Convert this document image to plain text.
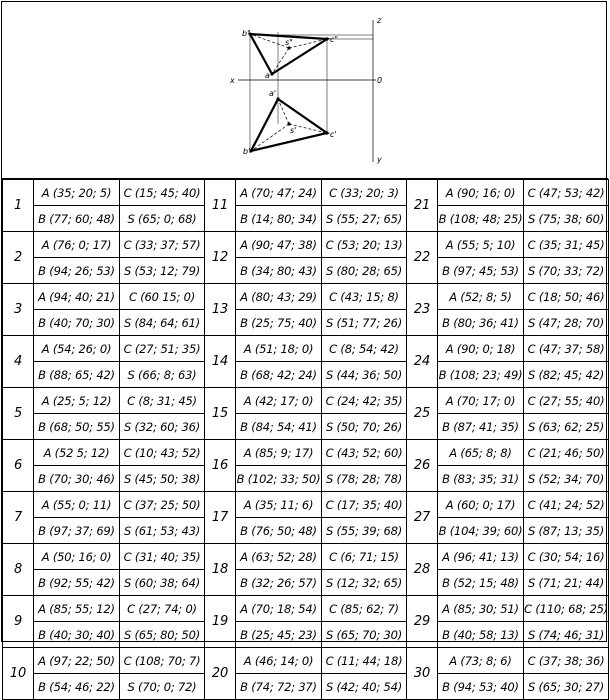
b"
c"
s"
a"
x	0
z
y
a'
s'
b'
c'
1	A (35; 20; 5)	C (15; 45; 40)	11	A (70; 47; 24)	C (33; 20; 3)	21	A (90; 16; 0)	C (47; 53; 42)
	B (77; 60; 48)	S (65; 0; 68)		B (14; 80; 34)	S (55; 27; 65)		B (108; 48; 25)	S (75; 38; 60)
2	A (76; 0; 17)	C (33; 37; 57)	12	A (90; 47; 38)	C (53; 20; 13)	22	A (55; 5; 10)	C (35; 31; 45)
	B (94; 26; 53)	S (53; 12; 79)		B (34; 80; 43)	S (80; 28; 65)		B (97; 45; 53)	S (70; 33; 72)
3	A (94; 40; 21)	C (60 15; 0)	13	A (80; 43; 29)	C (43; 15; 8)	23	A (52; 8; 5)	C (18; 50; 46)
	B (40; 70; 30)	S (84; 64; 61)		B (25; 75; 40)	S (51; 77; 26)		B (80; 36; 41)	S (47; 28; 70)
4	A (54; 26; 0)	C (27; 51; 35)	14	A (51; 18; 0)	C (8; 54; 42)	24	A (90; 0; 18)	C (47; 37; 58)
	B (88; 65; 42)	S (66; 8; 63)		B (68; 42; 24)	S (44; 36; 50)		B (108; 23; 49)	S (82; 45; 42)
5	A (25; 5; 12)	C (8; 31; 45)	15	A (42; 17; 0)	C (24; 42; 35)	25	A (70; 17; 0)	C (27; 55; 40)
	B (68; 50; 55)	S (32; 60; 36)		B (84; 54; 41)	S (50; 70; 26)		B (87; 41; 35)	S (63; 62; 25)
6	A (52 5; 12)	C (10; 43; 52)	16	A (85; 9; 17)	C (43; 52; 60)	26	A (65; 8; 8)	C (21; 46; 50)
	B (70; 30; 46)	S (45; 50; 38)		B (102; 33; 50)	S (78; 28; 78)		B (83; 35; 31)	S (52; 34; 70)
7	A (55; 0; 11)	C (37; 25; 50)	17	A (35; 11; 6)	C (17; 35; 40)	27	A (60; 0; 17)	C (41; 24; 52)
	B (97; 37; 69)	S (61; 53; 43)		B (76; 50; 48)	S (55; 39; 68)		B (104; 39; 60)	S (87; 13; 35)
8	A (50; 16; 0)	C (31; 40; 35)	18	A (63; 52; 28)	C (6; 71; 15)	28	A (96; 41; 13)	C (30; 54; 16)
	B (92; 55; 42)	S (60; 38; 64)		B (32; 26; 57)	S (12; 32; 65)		B (52; 15; 48)	S (71; 21; 44)
9	A (85; 55; 12)	C (27; 74; 0)	19	A (70; 18; 54)	C (85; 62; 7)	29	A (85; 30; 51)	C (110; 68; 25)
	B (40; 30; 40)	S (65; 80; 50)		B (25; 45; 23)	S (65; 70; 30)		B (40; 58; 13)	S (74; 46; 31)
10	A (97; 22; 50)	C (108; 70; 7)	20	A (46; 14; 0)	C (11; 44; 18)	30	A (73; 8; 6)	C (37; 38; 36)
	B (54; 46; 22)	S (70; 0; 72)		B (74; 72; 37)	S (42; 40; 54)		B (94; 53; 40)	S (65; 30; 27)
